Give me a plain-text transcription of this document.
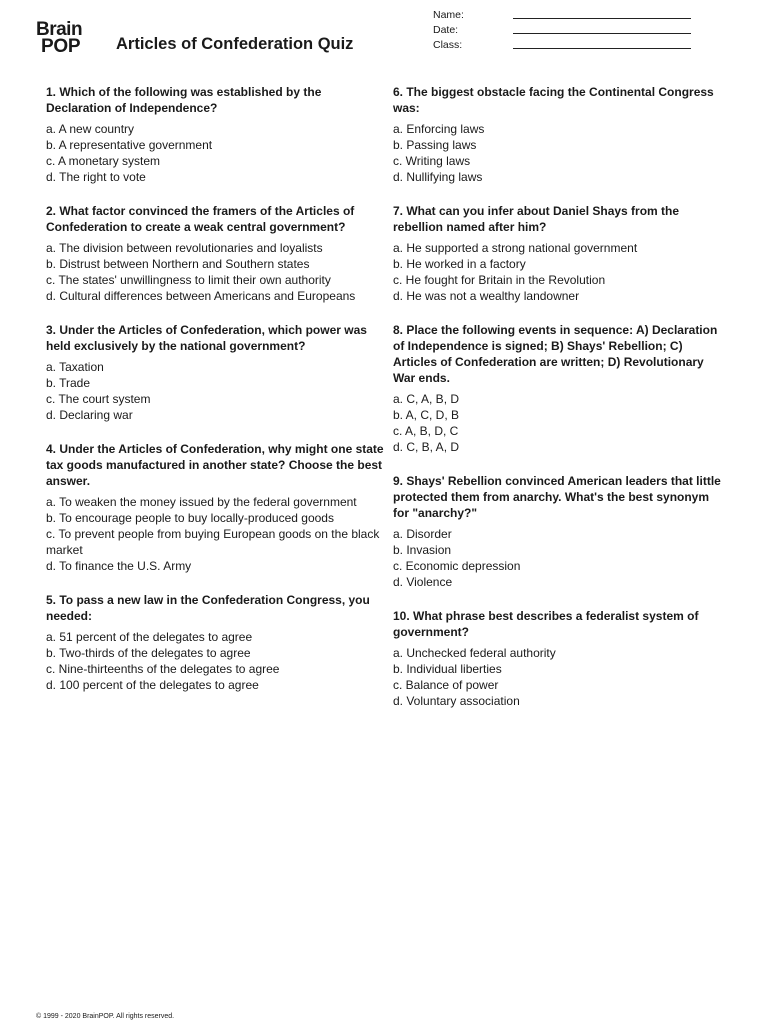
Brain
POP	Articles of Confederation Quiz
Name:
Date:
Class:
1. Which of the following was established by the Declaration of Independence?
a. A new country
b. A representative government
c. A monetary system
d. The right to vote
2. What factor convinced the framers of the Articles of Confederation to create a weak central government?
a. The division between revolutionaries and loyalists
b. Distrust between Northern and Southern states
c. The states' unwillingness to limit their own authority
d. Cultural differences between Americans and Europeans
3. Under the Articles of Confederation, which power was held exclusively by the national government?
a. Taxation
b. Trade
c. The court system
d. Declaring war
4. Under the Articles of Confederation, why might one state tax goods manufactured in another state? Choose the best answer.
a. To weaken the money issued by the federal government
b. To encourage people to buy locally-produced goods
c. To prevent people from buying European goods on the black market
d. To finance the U.S. Army
5. To pass a new law in the Confederation Congress, you needed:
a. 51 percent of the delegates to agree
b. Two-thirds of the delegates to agree
c. Nine-thirteenths of the delegates to agree
d. 100 percent of the delegates to agree
6. The biggest obstacle facing the Continental Congress was:
a. Enforcing laws
b. Passing laws
c. Writing laws
d. Nullifying laws
7. What can you infer about Daniel Shays from the rebellion named after him?
a. He supported a strong national government
b. He worked in a factory
c. He fought for Britain in the Revolution
d. He was not a wealthy landowner
8. Place the following events in sequence: A) Declaration of Independence is signed; B) Shays' Rebellion; C) Articles of Confederation are written; D) Revolutionary War ends.
a. C, A, B, D
b. A, C, D, B
c. A, B, D, C
d. C, B, A, D
9. Shays' Rebellion convinced American leaders that little protected them from anarchy. What's the best synonym for "anarchy?"
a. Disorder
b. Invasion
c. Economic depression
d. Violence
10. What phrase best describes a federalist system of government?
a. Unchecked federal authority
b. Individual liberties
c. Balance of power
d. Voluntary association
© 1999 - 2020 BrainPOP. All rights reserved.
